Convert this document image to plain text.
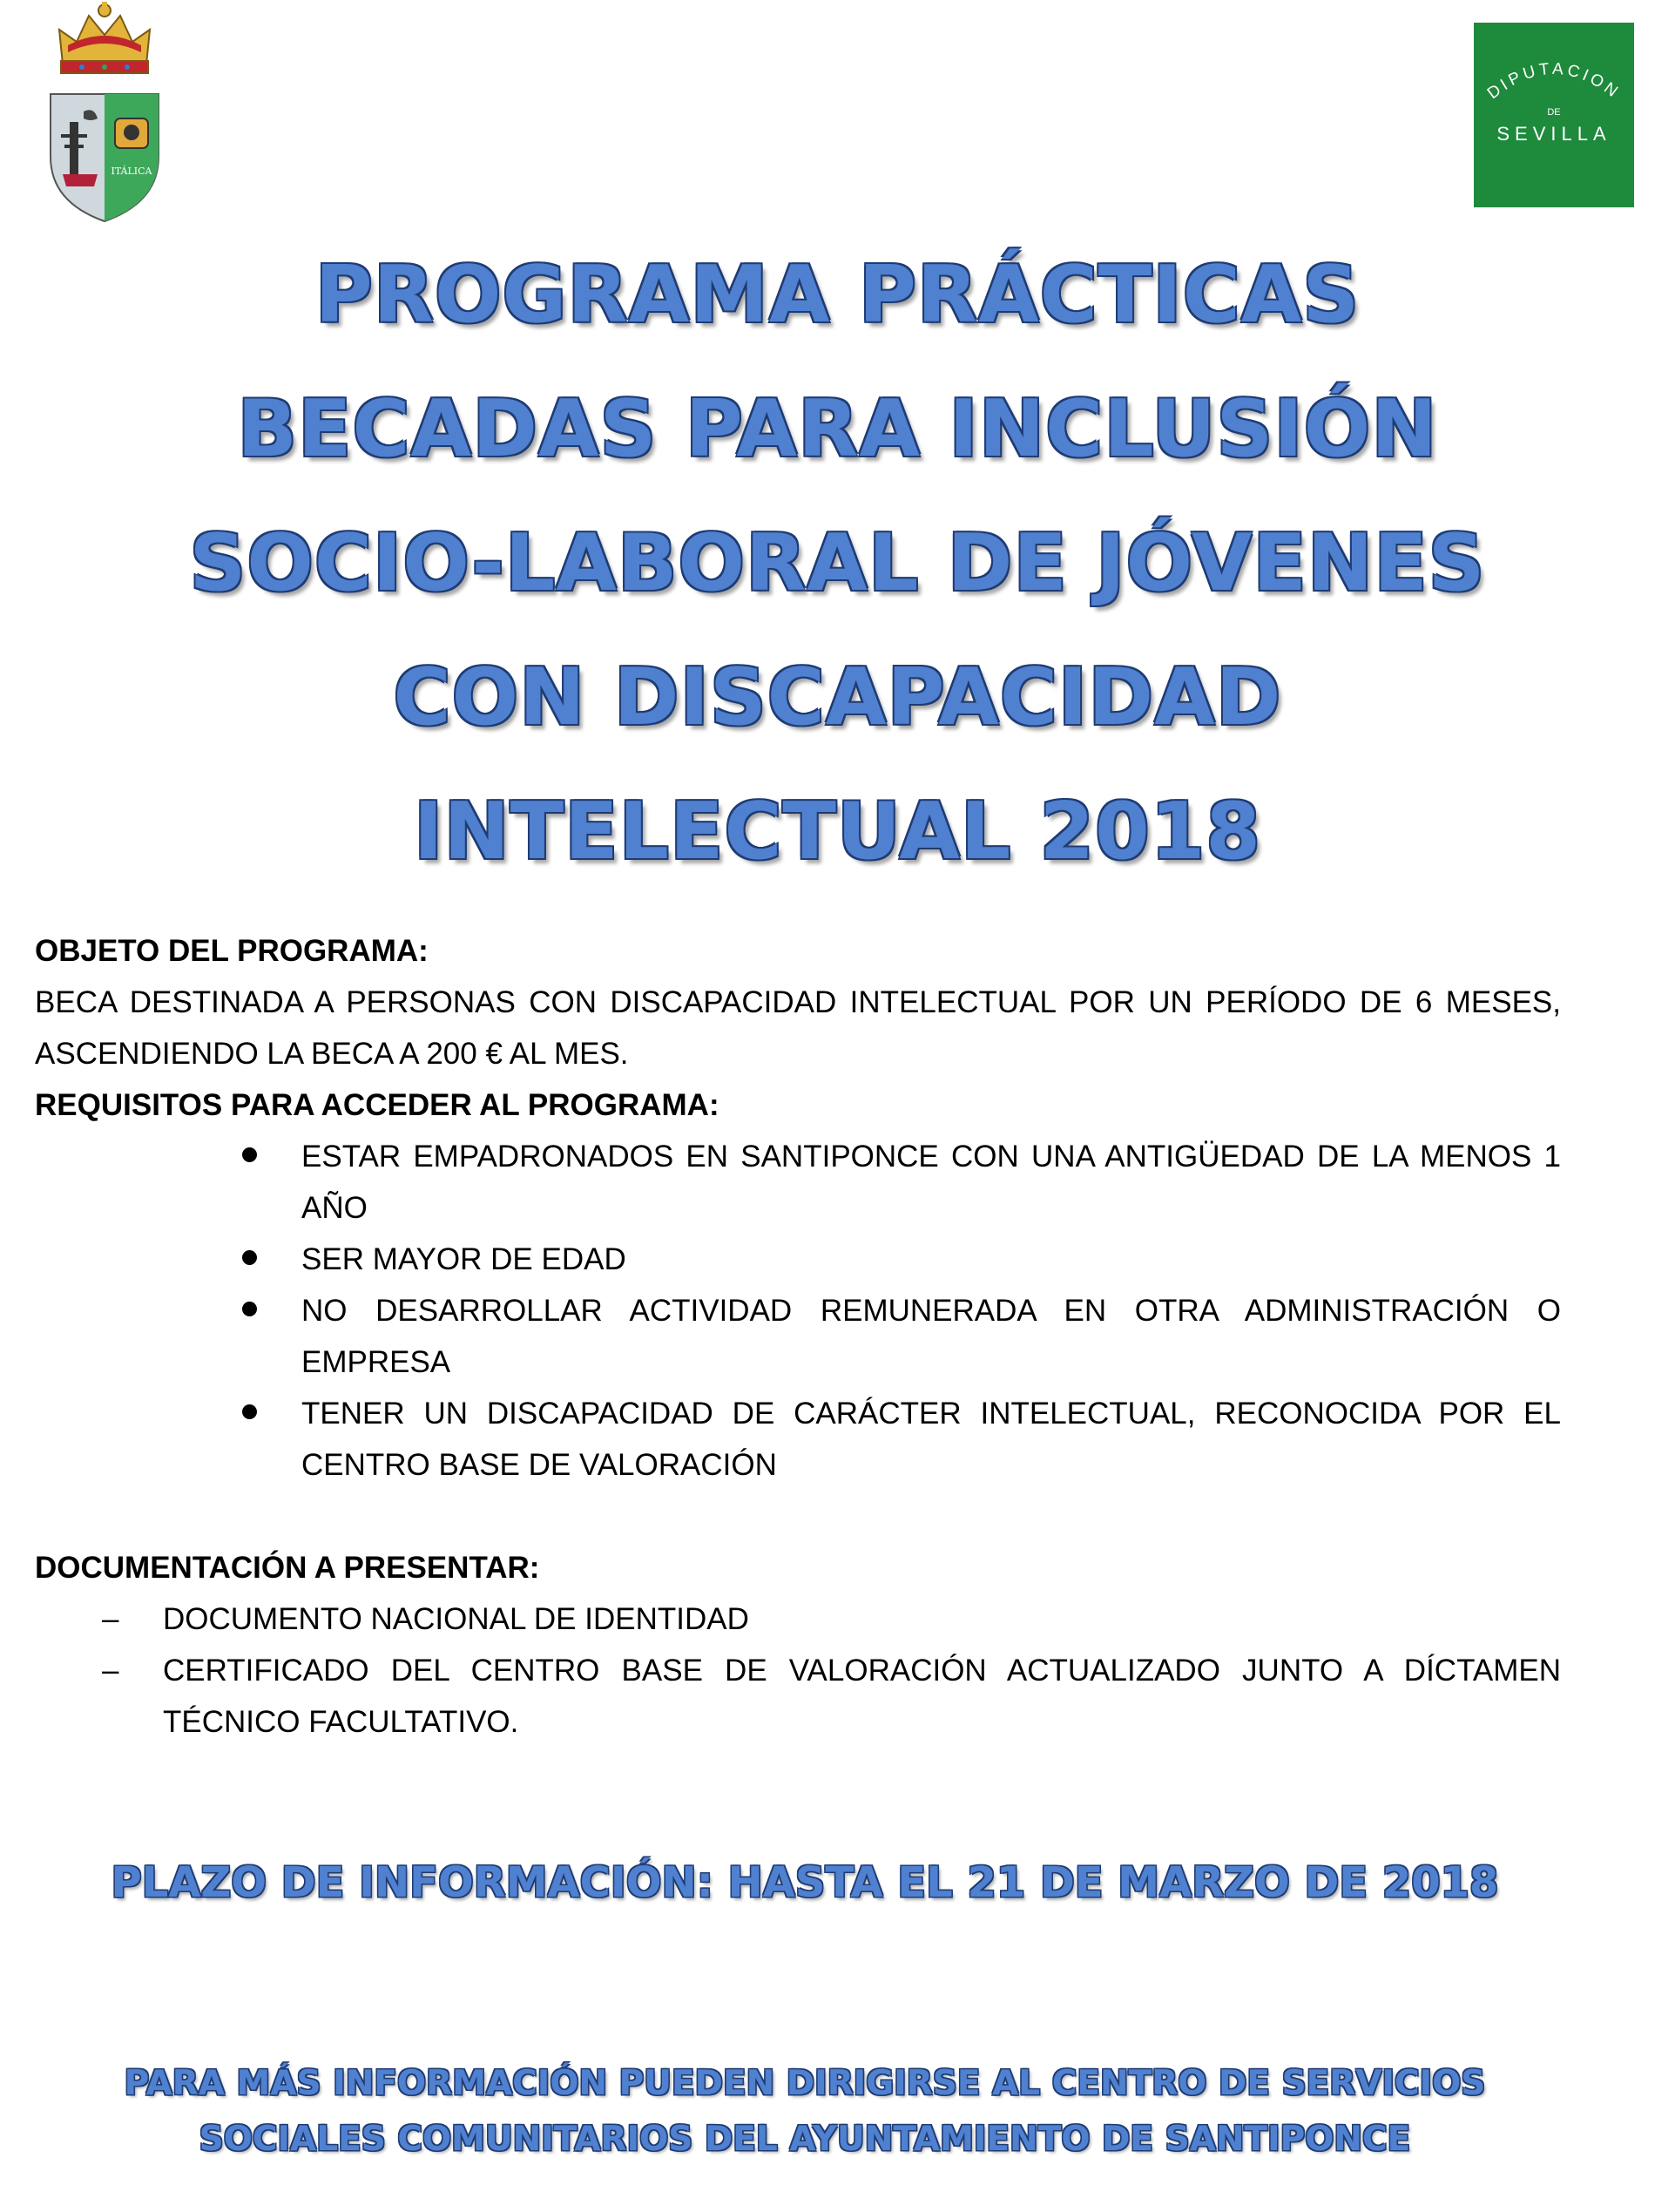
ITÁLICA
DIPUTACION
DE
SEVILLA
PROGRAMA PRÁCTICAS
BECADAS PARA INCLUSIÓN
SOCIO-LABORAL DE JÓVENES
CON DISCAPACIDAD
INTELECTUAL 2018
OBJETO DEL PROGRAMA:
BECA DESTINADA A PERSONAS CON DISCAPACIDAD INTELECTUAL POR UN PERÍODO DE 6 MESES, ASCENDIENDO LA BECA A 200 € AL MES.
REQUISITOS PARA ACCEDER AL PROGRAMA:
ESTAR EMPADRONADOS EN SANTIPONCE CON UNA ANTIGÜEDAD DE LA MENOS 1 AÑO
SER MAYOR DE EDAD
NO DESARROLLAR ACTIVIDAD REMUNERADA EN OTRA ADMINISTRACIÓN O EMPRESA
TENER UN DISCAPACIDAD DE CARÁCTER INTELECTUAL, RECONOCIDA POR EL CENTRO BASE DE VALORACIÓN
DOCUMENTACIÓN A PRESENTAR:
– DOCUMENTO NACIONAL DE IDENTIDAD
– CERTIFICADO DEL CENTRO BASE DE VALORACIÓN ACTUALIZADO JUNTO A DÍCTAMEN TÉCNICO FACULTATIVO.

PLAZO DE INFORMACIÓN: HASTA EL 21 DE MARZO DE 2018

PARA MÁS INFORMACIÓN PUEDEN DIRIGIRSE AL CENTRO DE SERVICIOS
SOCIALES COMUNITARIOS DEL AYUNTAMIENTO DE SANTIPONCE
